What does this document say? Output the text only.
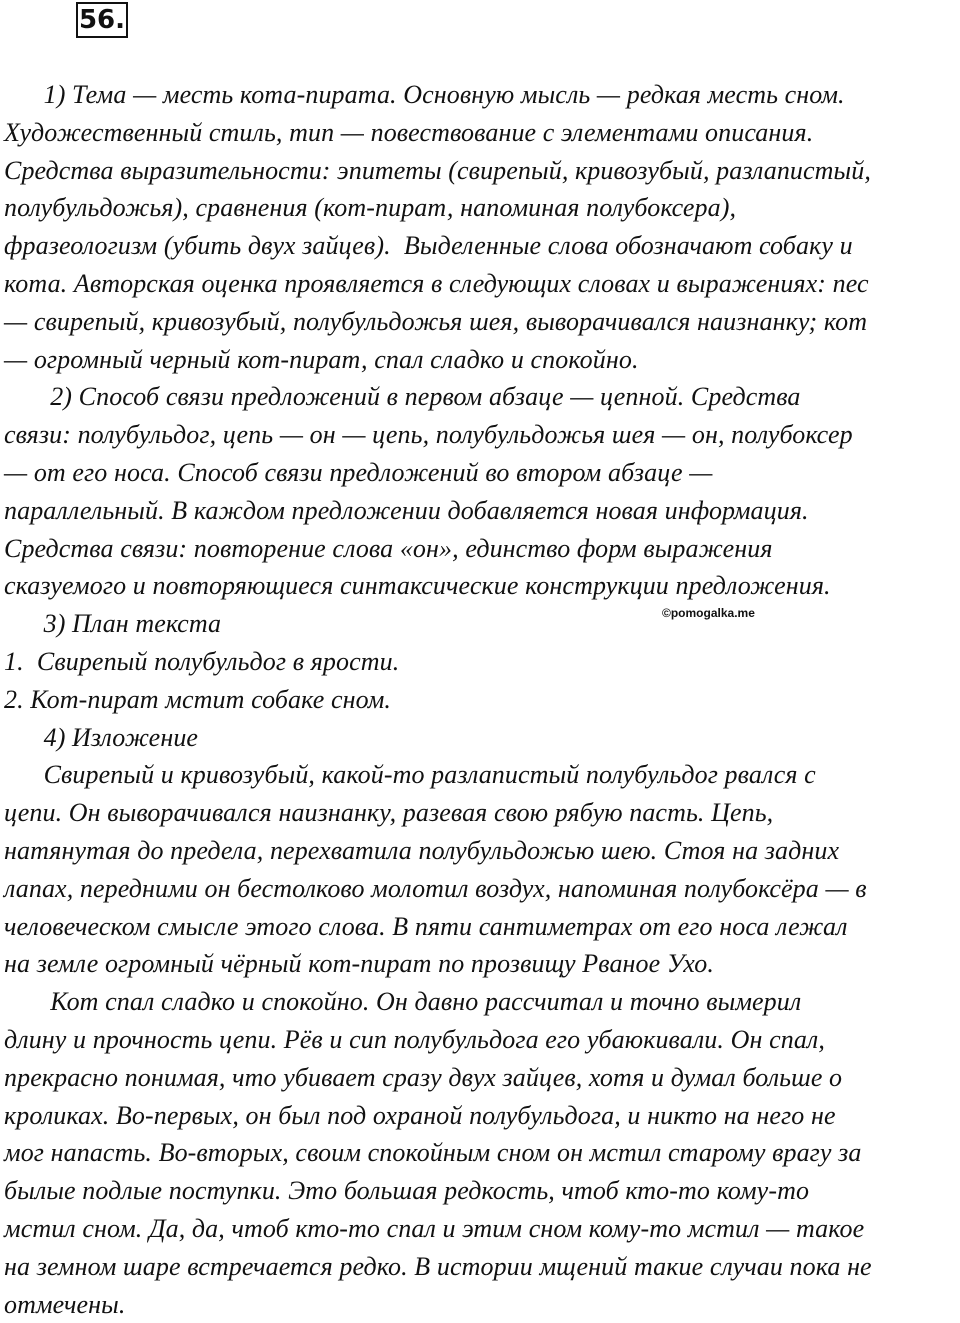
56.
1) Тема — месть кота-пирата. Основную мысль — редкая месть сном.
Художественный стиль, тип — повествование с элементами описания.
Средства выразительности: эпитеты (свирепый, кривозубый, разлапистый,
полубульдожья), сравнения (кот-пират, напоминая полубоксера),
фразеологизм (убить двух зайцев).  Выделенные слова обозначают собаку и
кота. Авторская оценка проявляется в следующих словах и выражениях: пес
— свирепый, кривозубый, полубульдожья шея, выворачивался наизнанку; кот
— огромный черный кот-пират, спал сладко и спокойно.
2) Способ связи предложений в первом абзаце — цепной. Средства
связи: полубульдог, цепь — он — цепь, полубульдожья шея — он, полубоксер
— от его носа. Способ связи предложений во втором абзаце —
параллельный. В каждом предложении добавляется новая информация.
Средства связи: повторение слова «он», единство форм выражения
сказуемого и повторяющиеся синтаксические конструкции предложения.
3) План текста
1.  Свирепый полубульдог в ярости.
2. Кот-пират мстит собаке сном.
4) Изложение
Свирепый и кривозубый, какой-то разлапистый полубульдог рвался с
цепи. Он выворачивался наизнанку, разевая свою рябую пасть. Цепь,
натянутая до предела, перехватила полубульдожью шею. Стоя на задних
лапах, передними он бестолково молотил воздух, напоминая полубоксёра — в
человеческом смысле этого слова. В пяти сантиметрах от его носа лежал
на земле огромный чёрный кот-пират по прозвищу Рваное Ухо.
Кот спал сладко и спокойно. Он давно рассчитал и точно вымерил
длину и прочность цепи. Рёв и сип полубульдога его убаюкивали. Он спал,
прекрасно понимая, что убивает сразу двух зайцев, хотя и думал больше о
кроликах. Во-первых, он был под охраной полубульдога, и никто на него не
мог напасть. Во-вторых, своим спокойным сном он мстил старому врагу за
былые подлые поступки. Это большая редкость, чтоб кто-то кому-то
мстил сном. Да, да, чтоб кто-то спал и этим сном кому-то мстил — такое
на земном шаре встречается редко. В истории мщений такие случаи пока не
отмечены.
©pomogalka.me
